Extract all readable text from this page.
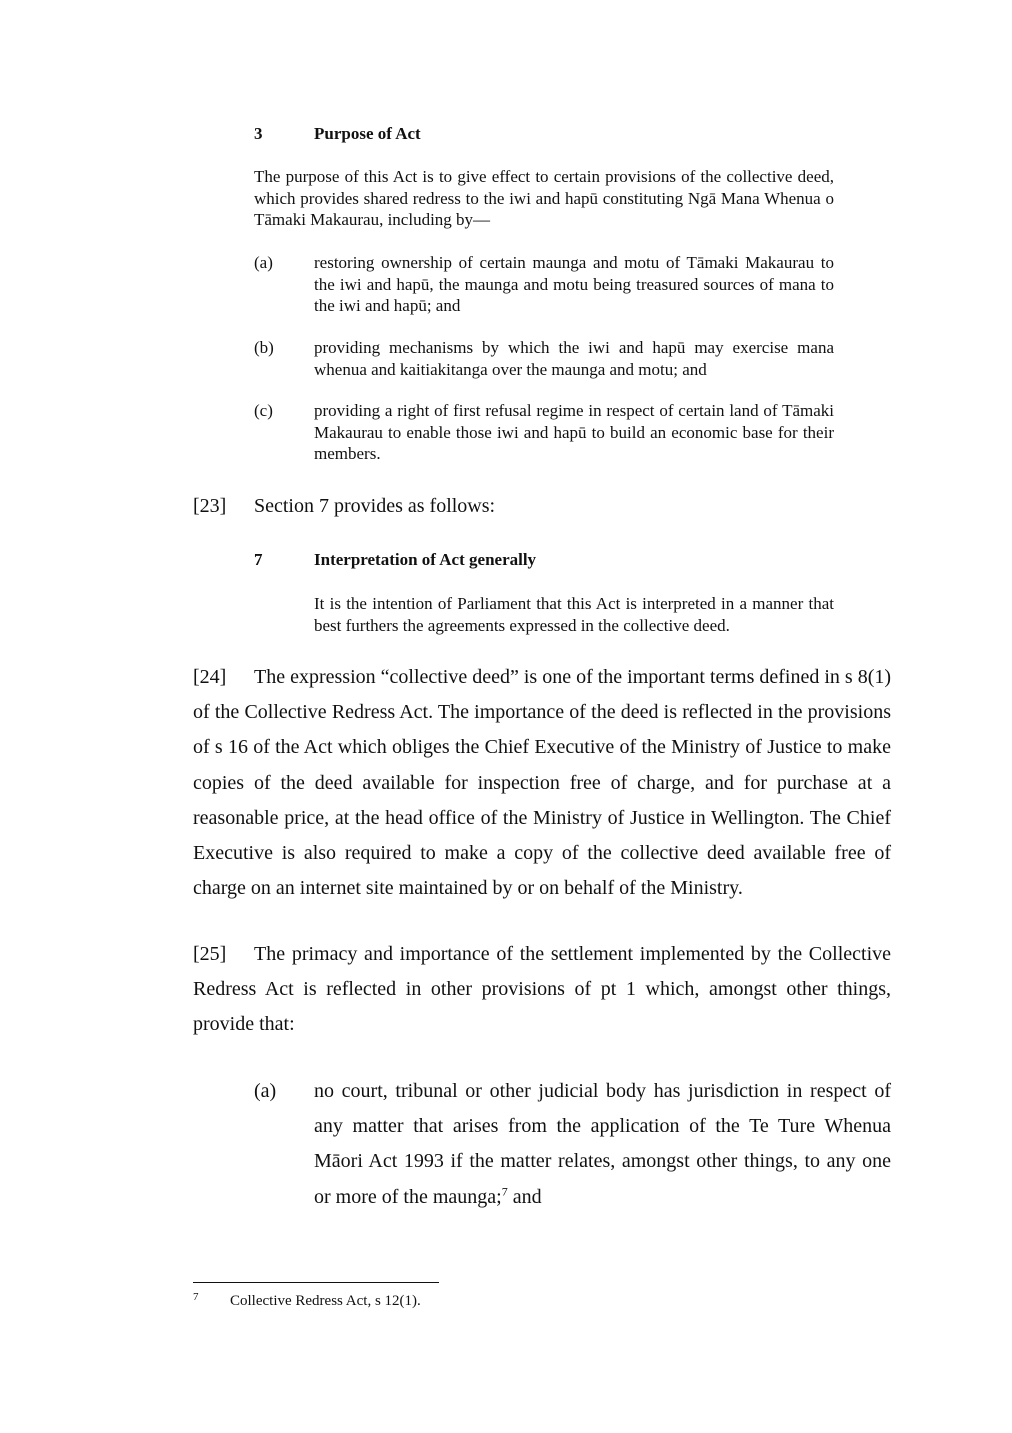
3	Purpose of Act
The purpose of this Act is to give effect to certain provisions of the collective deed, which provides shared redress to the iwi and hapū constituting Ngā Mana Whenua o Tāmaki Makaurau, including by—
(a) restoring ownership of certain maunga and motu of Tāmaki Makaurau to the iwi and hapū, the maunga and motu being treasured sources of mana to the iwi and hapū; and
(b) providing mechanisms by which the iwi and hapū may exercise mana whenua and kaitiakitanga over the maunga and motu; and
(c) providing a right of first refusal regime in respect of certain land of Tāmaki Makaurau to enable those iwi and hapū to build an economic base for their members.
[23] Section 7 provides as follows:
7	Interpretation of Act generally
It is the intention of Parliament that this Act is interpreted in a manner that best furthers the agreements expressed in the collective deed.
[24] The expression “collective deed” is one of the important terms defined in s 8(1) of the Collective Redress Act. The importance of the deed is reflected in the provisions of s 16 of the Act which obliges the Chief Executive of the Ministry of Justice to make copies of the deed available for inspection free of charge, and for purchase at a reasonable price, at the head office of the Ministry of Justice in Wellington. The Chief Executive is also required to make a copy of the collective deed available free of charge on an internet site maintained by or on behalf of the Ministry.
[25] The primacy and importance of the settlement implemented by the Collective Redress Act is reflected in other provisions of pt 1 which, amongst other things, provide that:
(a) no court, tribunal or other judicial body has jurisdiction in respect of any matter that arises from the application of the Te Ture Whenua Māori Act 1993 if the matter relates, amongst other things, to any one or more of the maunga;$^7$ and
7 Collective Redress Act, s 12(1).
